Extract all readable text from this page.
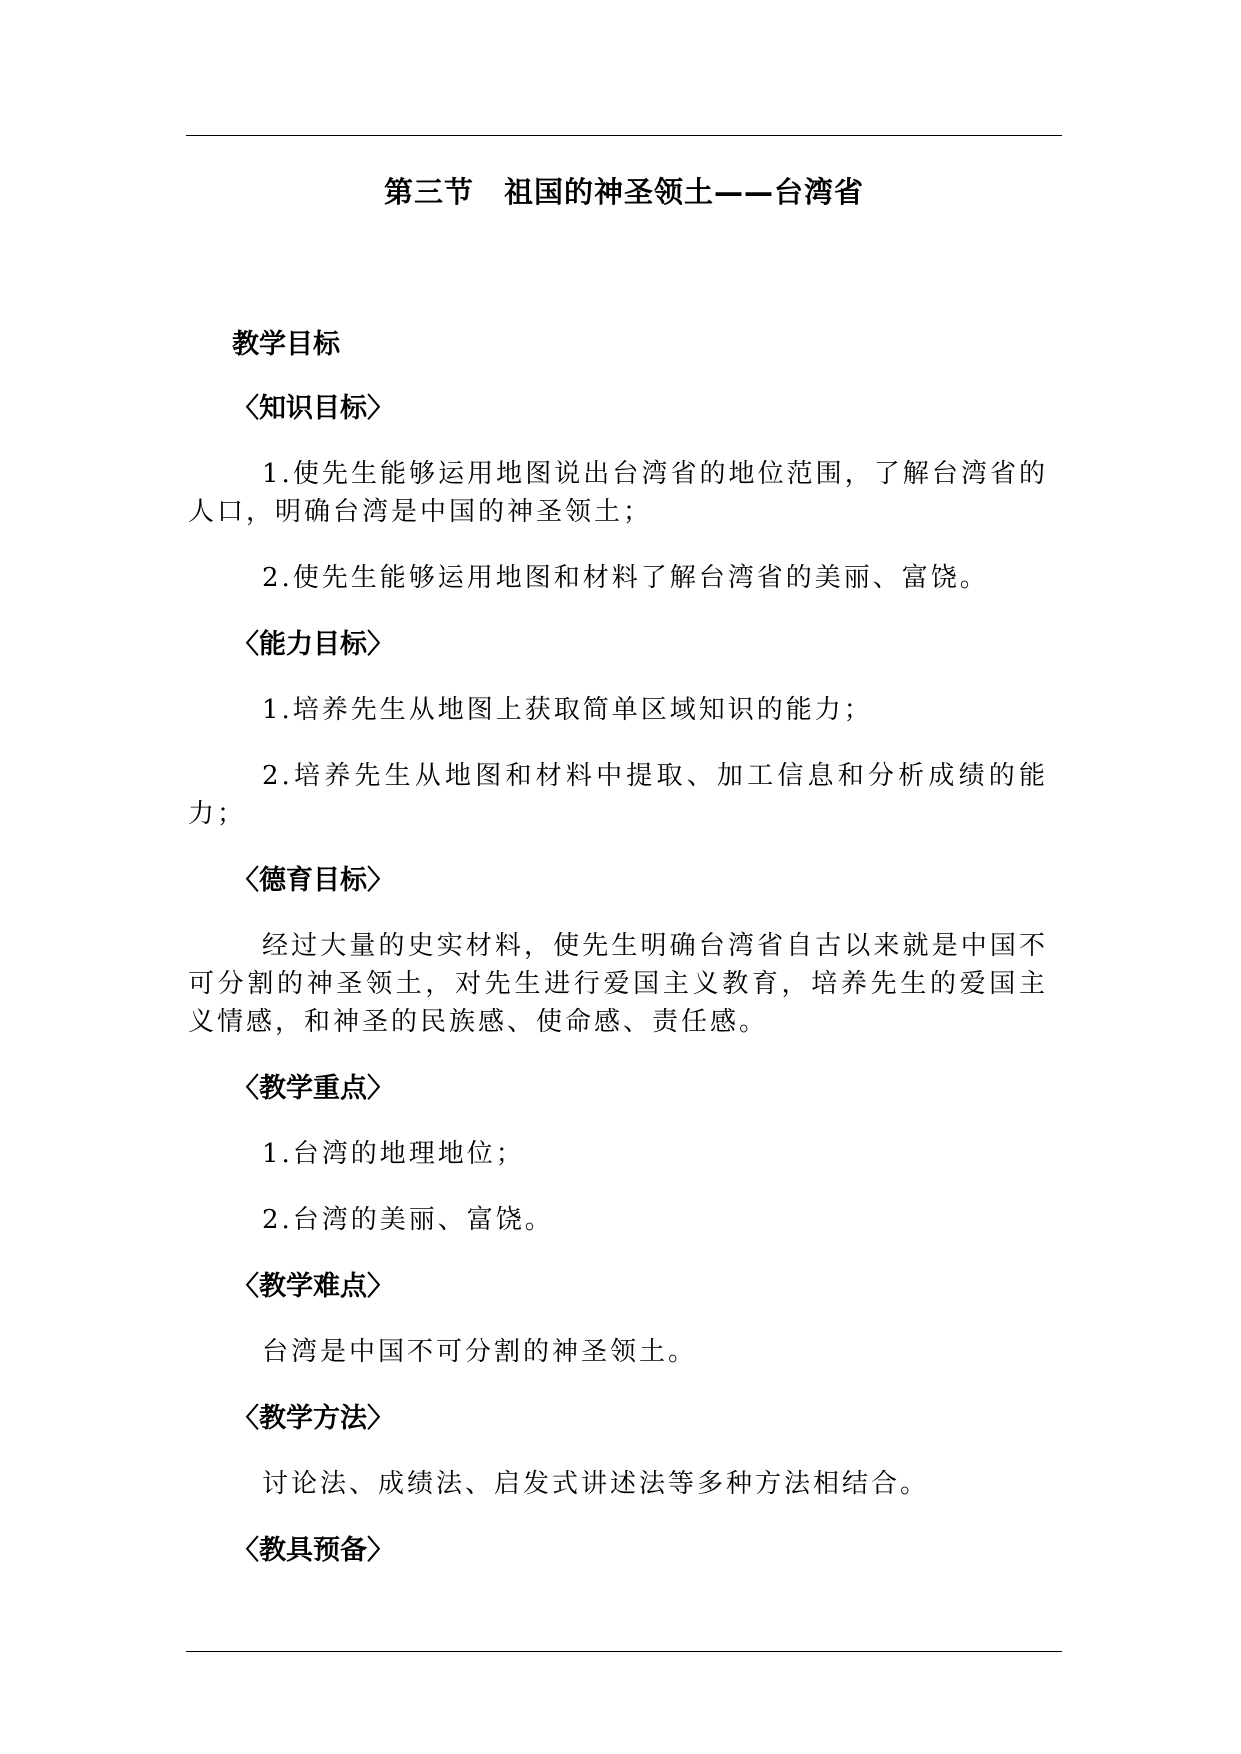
第三节　祖国的神圣领土——台湾省
教学目标
〈知识目标〉

1.使先生能够运用地图说出台湾省的地位范围，了解台湾省的人口，明确台湾是中国的神圣领土；

2.使先生能够运用地图和材料了解台湾省的美丽、富饶。

〈能力目标〉

1.培养先生从地图上获取简单区域知识的能力；

2.培养先生从地图和材料中提取、加工信息和分析成绩的能力；

〈德育目标〉

经过大量的史实材料，使先生明确台湾省自古以来就是中国不可分割的神圣领土，对先生进行爱国主义教育，培养先生的爱国主义情感，和神圣的民族感、使命感、责任感。

〈教学重点〉

1.台湾的地理地位；

2.台湾的美丽、富饶。

〈教学难点〉

台湾是中国不可分割的神圣领土。

〈教学方法〉

讨论法、成绩法、启发式讲述法等多种方法相结合。

〈教具预备〉
